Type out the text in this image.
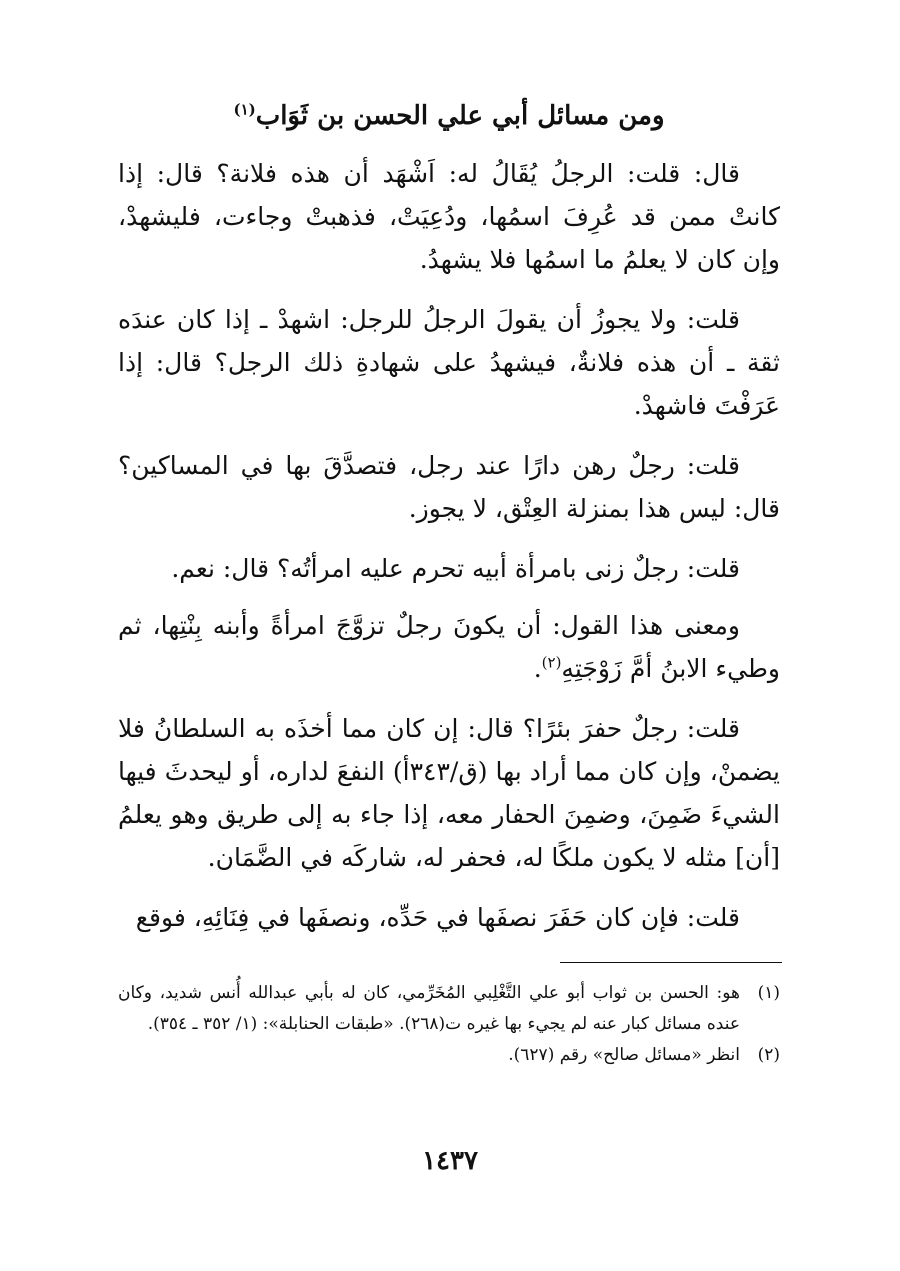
ومن مسائل أبي علي الحسن بن ثَوَاب$^{(١)}$

قال: قلت: الرجلُ يُقَالُ له: اَشْهَد أن هذه فلانة؟ قال: إذا كانتْ ممن قد عُرِفَ اسمُها، ودُعِيَتْ، فذهبتْ وجاءت، فليشهدْ، وإن كان لا يعلمُ ما اسمُها فلا يشهدُ.

قلت: ولا يجوزُ أن يقولَ الرجلُ للرجل: اشهدْ ـ إذا كان عندَه ثقة ـ أن هذه فلانةٌ، فيشهدُ على شهادةِ ذلك الرجل؟ قال: إذا عَرَفْتَ فاشهدْ.

قلت: رجلٌ رهن دارًا عند رجل، فتصدَّقَ بها في المساكين؟ قال: ليس هذا بمنزلة العِتْق، لا يجوز.

قلت: رجلٌ زنى بامرأة أبيه تحرم عليه امرأتُه؟ قال: نعم.

ومعنى هذا القول: أن يكونَ رجلٌ تزوَّجَ امرأةً وأبنه بِنْتِها، ثم وطيء الابنُ أمَّ زَوْجَتِهِ$^{(٢)}$.

قلت: رجلٌ حفرَ بئرًا؟ قال: إن كان مما أخذَه به السلطانُ فلا يضمنْ، وإن كان مما أراد بها (ق/٣٤٣أ) النفعَ لداره، أو ليحدثَ فيها الشيءَ ضَمِنَ، وضمِنَ الحفار معه، إذا جاء به إلى طريق وهو يعلمُ [أن] مثله لا يكون ملكًا له، فحفر له، شاركَه في الضَّمَان.

قلت: فإن كان حَفَرَ نصفَها في حَدِّه، ونصفَها في فِنَائِهِ، فوقع

(١)
هو: الحسن بن ثواب أبو علي التَّغْلِبي المُخَرِّمي، كان له بأبي عبدالله أُنس شديد، وكان عنده مسائل كبار عنه لم يجيء بها غيره ت(٢٦٨). «طبقات الحنابلة»: (١/ ٣٥٢ ـ ٣٥٤).
(٢)
انظر «مسائل صالح» رقم (٦٢٧).
١٤٣٧
